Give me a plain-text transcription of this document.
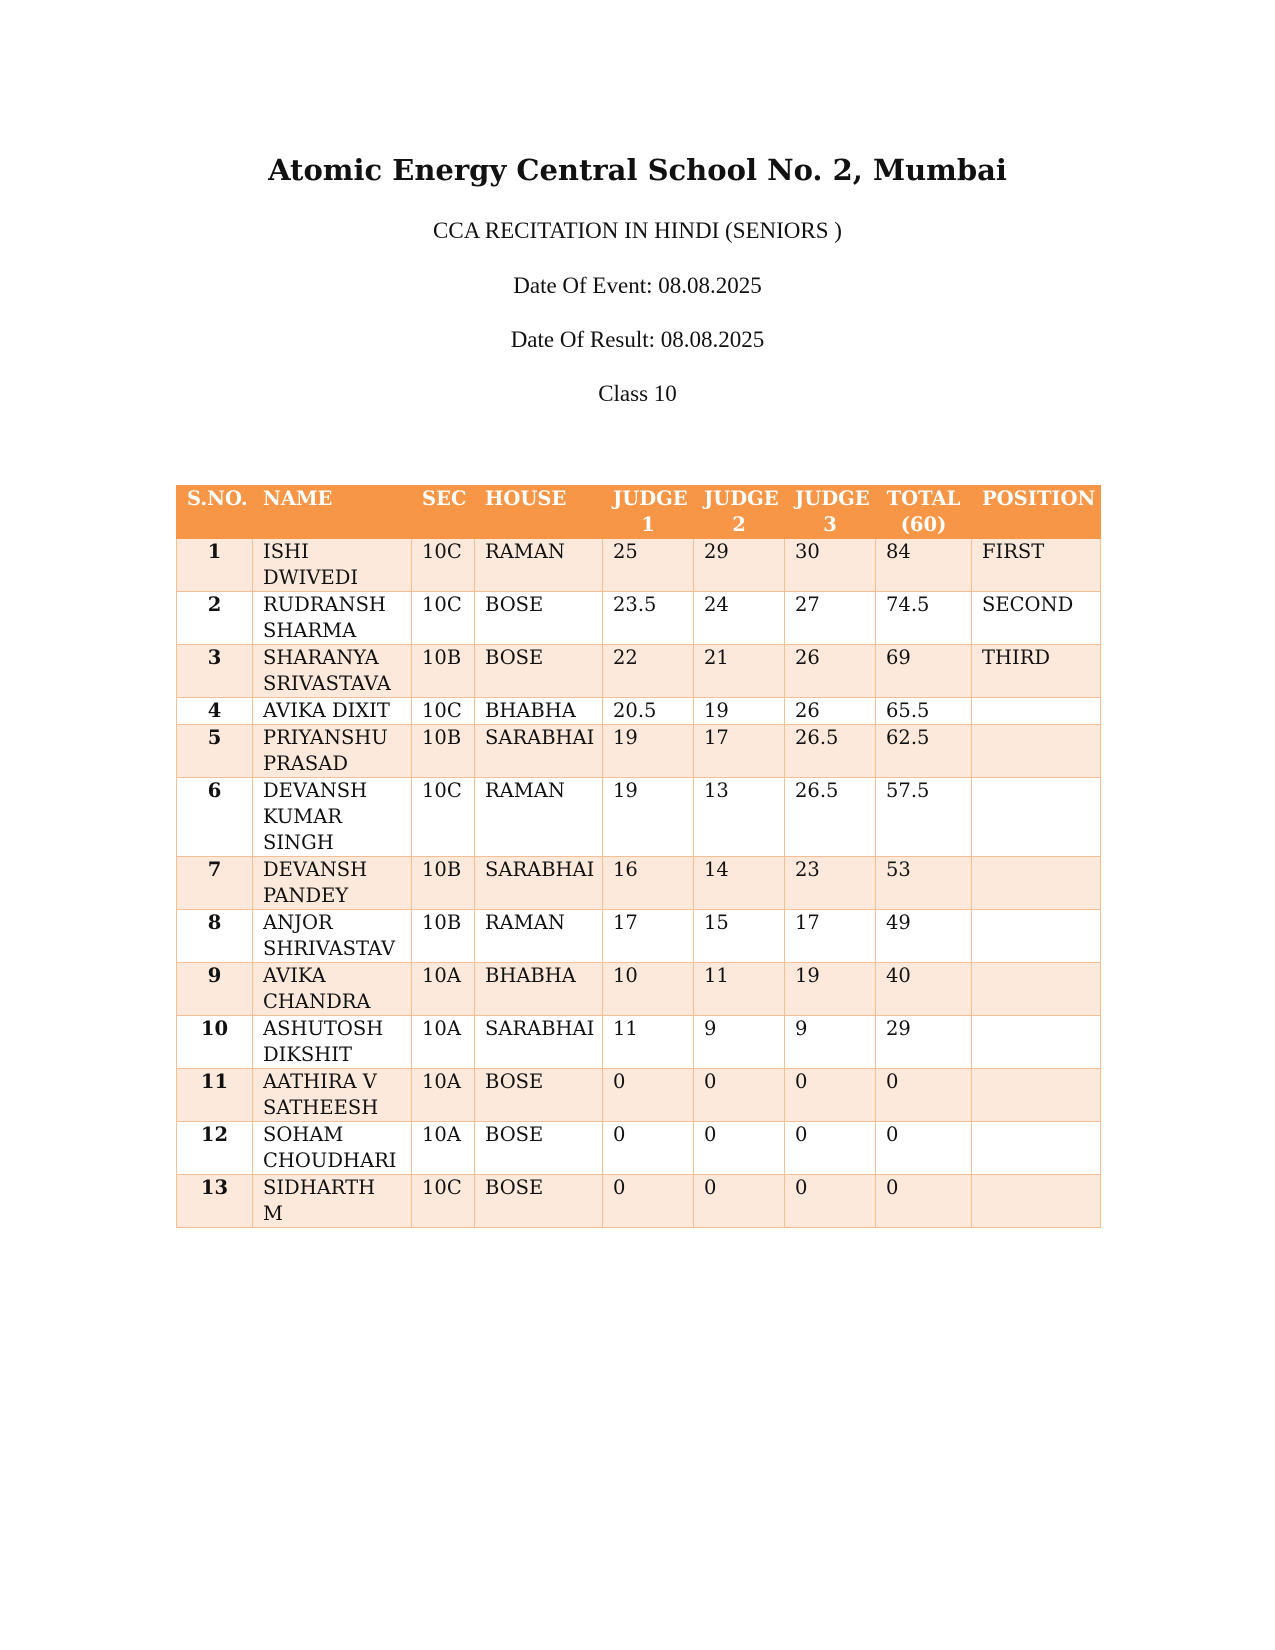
Atomic Energy Central School No. 2, Mumbai

CCA RECITATION IN HINDI (SENIORS )

Date Of Event: 08.08.2025

Date Of Result: 08.08.2025

Class 10

S.NO.	NAME	SEC	HOUSE	JUDGE 1	JUDGE 2	JUDGE 3	TOTAL (60)	POSITION
1	ISHI DWIVEDI	10C	RAMAN	25	29	30	84	FIRST
2	RUDRANSH SHARMA	10C	BOSE	23.5	24	27	74.5	SECOND
3	SHARANYA SRIVASTAVA	10B	BOSE	22	21	26	69	THIRD
4	AVIKA DIXIT	10C	BHABHA	20.5	19	26	65.5	
5	PRIYANSHU PRASAD	10B	SARABHAI	19	17	26.5	62.5	
6	DEVANSH KUMAR SINGH	10C	RAMAN	19	13	26.5	57.5	
7	DEVANSH PANDEY	10B	SARABHAI	16	14	23	53	
8	ANJOR SHRIVASTAV	10B	RAMAN	17	15	17	49	
9	AVIKA CHANDRA	10A	BHABHA	10	11	19	40	
10	ASHUTOSH DIKSHIT	10A	SARABHAI	11	9	9	29	
11	AATHIRA V SATHEESH	10A	BOSE	0	0	0	0	
12	SOHAM CHOUDHARI	10A	BOSE	0	0	0	0	
13	SIDHARTH M	10C	BOSE	0	0	0	0	
